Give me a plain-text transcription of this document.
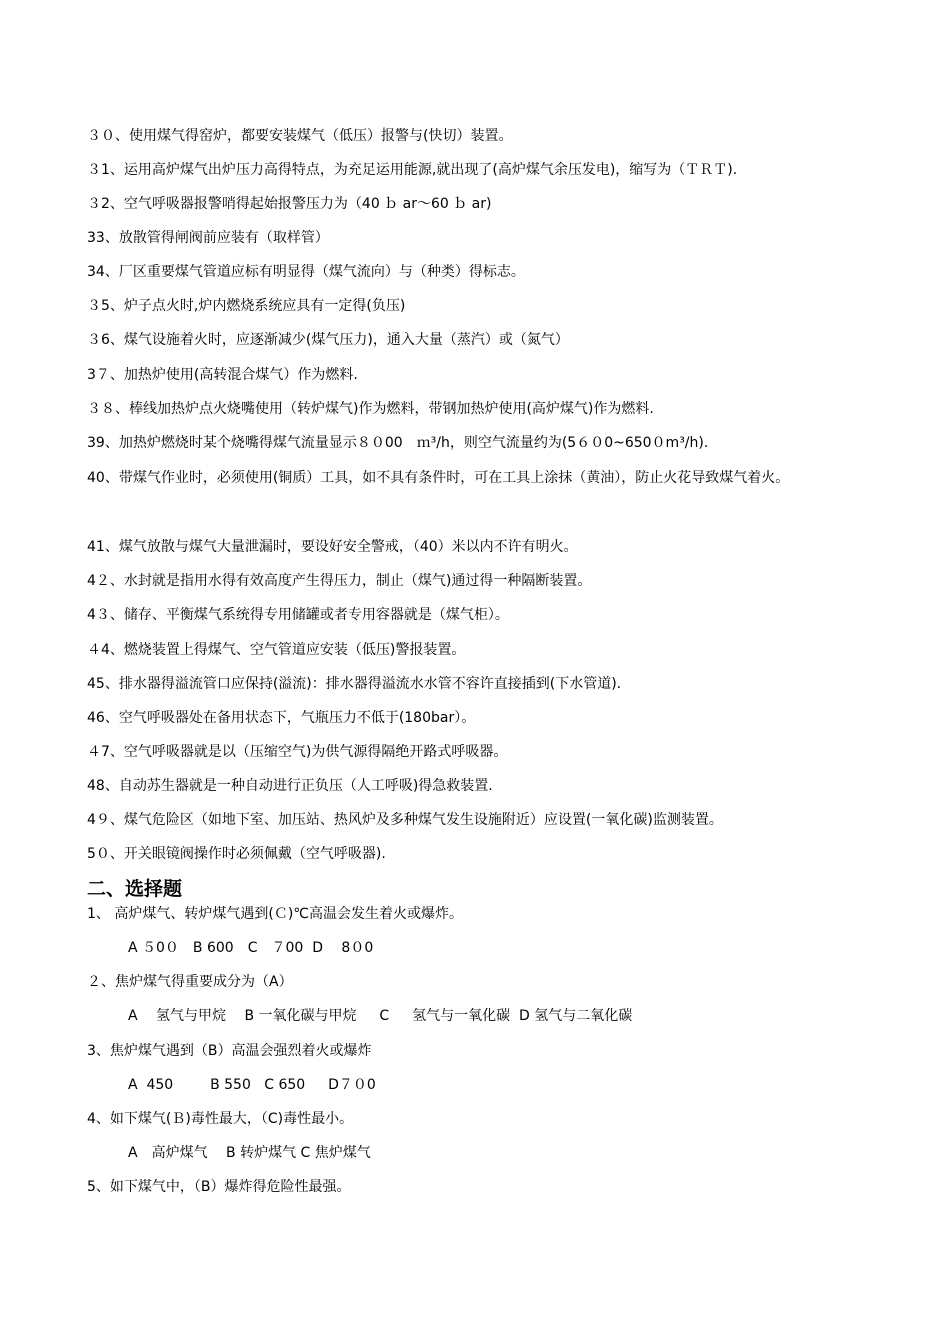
３０、使用煤气得窑炉，都要安装煤气（低压）报警与(快切）装置。
３1、运用高炉煤气出炉压力高得特点，为充足运用能源,就出现了(高炉煤气余压发电)，缩写为（ＴＲＴ).
３2、空气呼吸器报警哨得起始报警压力为（40 ｂ ar～60 ｂ ar)
33、放散管得闸阀前应装有（取样管）
34、厂区重要煤气管道应标有明显得（煤气流向）与（种类）得标志。
３5、炉子点火时,炉内燃烧系统应具有一定得(负压)
３6、煤气设施着火时，应逐渐减少(煤气压力)，通入大量（蒸汽）或（氮气）
3７、加热炉使用(高转混合煤气）作为燃料.
３８、棒线加热炉点火烧嘴使用（转炉煤气)作为燃料，带钢加热炉使用(高炉煤气)作为燃料.
39、加热炉燃烧时某个烧嘴得煤气流量显示８０00　ｍ³/h，则空气流量约为(5６０0~650０m³/h).
40、带煤气作业时，必须使用(铜质）工具，如不具有条件时，可在工具上涂抹（黄油），防止火花导致煤气着火。
41、煤气放散与煤气大量泄漏时，要设好安全警戒，（40）米以内不许有明火。
4２、水封就是指用水得有效高度产生得压力，制止（煤气)通过得一种隔断装置。
4３、储存、平衡煤气系统得专用储罐或者专用容器就是（煤气柜）。
４4、燃烧装置上得煤气、空气管道应安装（低压)警报装置。
45、排水器得溢流管口应保持(溢流)：排水器得溢流水水管不容许直接插到(下水管道).
46、空气呼吸器处在备用状态下，气瓶压力不低于(180bar）。
４7、空气呼吸器就是以（压缩空气)为供气源得隔绝开路式呼吸器。
48、自动苏生器就是一种自动进行正负压（人工呼吸)得急救装置.
4９、煤气危险区（如地下室、加压站、热风炉及多种煤气发生设施附近）应设置(一氧化碳)监测装置。
5０、开关眼镜阀操作时必须佩戴（空气呼吸器).
二、选择题
1、 高炉煤气、转炉煤气遇到(Ｃ)℃高温会发生着火或爆炸。
A ５0０　B 600　C　７00  D　 8０0
２、焦炉煤气得重要成分为（A）
A　 氢气与甲烷　 B 一氧化碳与甲烷　  C　  氢气与一氧化碳  D 氢气与二氧化碳
3、焦炉煤气遇到（B）高温会强烈着火或爆炸
A  450　　  B 550   C 650　  D７０0
4、如下煤气(Ｂ)毒性最大，（C)毒性最小。
A　高炉煤气　 B 转炉煤气 C 焦炉煤气
5、如下煤气中，（B）爆炸得危险性最强。
